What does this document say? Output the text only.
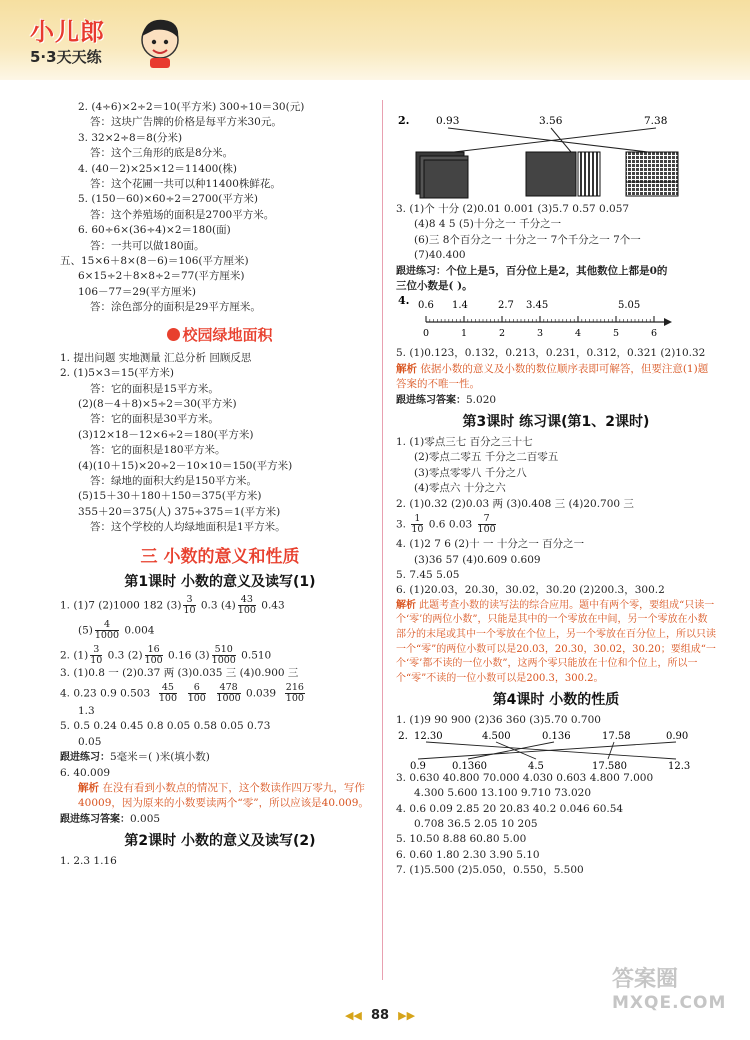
小儿郎
5·3天天练
2. (4÷6)×2÷2＝10(平方米) 300÷10＝30(元)
答：这块广告牌的价格是每平方米30元。
3. 32×2÷8＝8(分米)
答：这个三角形的底是8分米。
4. (40－2)×25×12＝11400(株)
答：这个花圃一共可以种11400株鲜花。
5. (150－60)×60÷2＝2700(平方米)
答：这个养殖场的面积是2700平方米。
6. 60÷6×(36÷4)×2＝180(面)
答：一共可以做180面。
五、15×6＋8×(8－6)＝106(平方厘米)
6×15÷2＋8×8÷2＝77(平方厘米)
106－77＝29(平方厘米)
答：涂色部分的面积是29平方厘米。
校园绿地面积
1. 提出问题 实地测量 汇总分析 回顾反思
2. (1)5×3＝15(平方米)
答：它的面积是15平方米。
(2)(8－4＋8)×5÷2＝30(平方米)
答：它的面积是30平方米。
(3)12×18－12×6÷2＝180(平方米)
答：它的面积是180平方米。
(4)(10＋15)×20÷2－10×10＝150(平方米)
答：绿地的面积大约是150平方米。
(5)15＋30＋180＋150＝375(平方米)
355＋20＝375(人) 375÷375＝1(平方米)
答：这个学校的人均绿地面积是1平方米。
三 小数的意义和性质
第1课时 小数的意义及读写(1)
1. (1)7 (2)1000 182 $(3) \frac{3}{10} 0.3$ $(4) \frac{43}{100} 0.43$
$(5) \frac{4}{1000} 0.004$
2. $(1) \frac{3}{10} 0.3$ $(2) \frac{16}{100} 0.16$ $(3) \frac{510}{1000} 0.510$
3. (1)0.8 一 (2)0.37 两 (3)0.035 三 (4)0.900 三
4. 0.23 0.9 $0.503 \frac{45}{100}$
$\frac{6}{100}$
$\frac{478}{1000} 0.039 \frac{216}{100}$
1.3
5. 0.5 0.24 0.45 0.8 0.05 0.58 0.05 0.73
0.05
跟进练习：5毫米＝( )米(填小数)
6. 40.009
解析 在没有看到小数点的情况下，这个数读作四万零九，写作40009，因为原来的小数要读两个“零”，所以应该是40.009。
跟进练习答案：0.005
第2课时 小数的意义及读写(2)
1. 2.3 1.16
2.	0.93	3.56	7.38
3. (1)个 十分 (2)0.01 0.001 (3)5.7 0.57 0.057
(4)8 4 5 (5)十分之一 千分之一
(6)三 8个百分之一 十分之一 7个千分之一 7个一
(7)40.400
跟进练习：个位上是5，百分位上是2，其他数位上都是0的
三位小数是( )。
4. 0.6 1.4	2.7 3.45	5.05
0	1	2	3	4	5	6
5. (1)0.123，0.132，0.213，0.231，0.312，0.321 (2)10.32
解析 依据小数的意义及小数的数位顺序表即可解答，但要注意(1)题答案的不唯一性。
跟进练习答案：5.020
第3课时 练习课(第1、2课时)
1. (1)零点三七 百分之三十七
(2)零点二零五 千分之二百零五
(3)零点零零八 千分之八
(4)零点六 十分之六
2. (1)0.32 (2)0.03 两 (3)0.408 三 (4)20.700 三
3. $\frac{1}{10} 0.6$ $0.03 \frac{7}{100}$
4. (1)2 7 6 (2)十 一 十分之一 百分之一
(3)36 57 (4)0.609 0.609
5. 7.45 5.05
6. (1)20.03，20.30，30.02，30.20 (2)200.3，300.2
解析 此题考查小数的读写法的综合应用。题中有两个零，要组成“只读一个‘零’的两位小数”，只能是其中的一个零放在中间，另一个零放在小数部分的末尾或其中一个零放在个位上，另一个零放在百分位上，所以只读一个“零”的两位小数可以是20.03，20.30，30.02，30.20；要组成“一个‘零’都不读的一位小数”，这两个零只能放在十位和个位上，所以一个“零”不读的一位小数可以是200.3，300.2。
第4课时 小数的性质
1. (1)9 90 900 (2)36 360 (3)5.70 0.700
2. 12.30	4.500	0.136	17.58	0.90
0.9	0.1360	4.5	17.580	12.3
3. 0.630 40.800 70.000 4.030 0.603 4.800 7.000
4.300 5.600 13.100 9.710 73.020
4. 0.6 0.09 2.85 20 20.83 40.2 0.046 60.54
0.708 36.5 2.05 10 205
5. 10.50 8.88 60.80 5.00
6. 0.60 1.80 2.30 3.90 5.10
7. (1)5.500 (2)5.050，0.550，5.500
◀◀ 88 ▶▶
答案圈
MXQE.COM
